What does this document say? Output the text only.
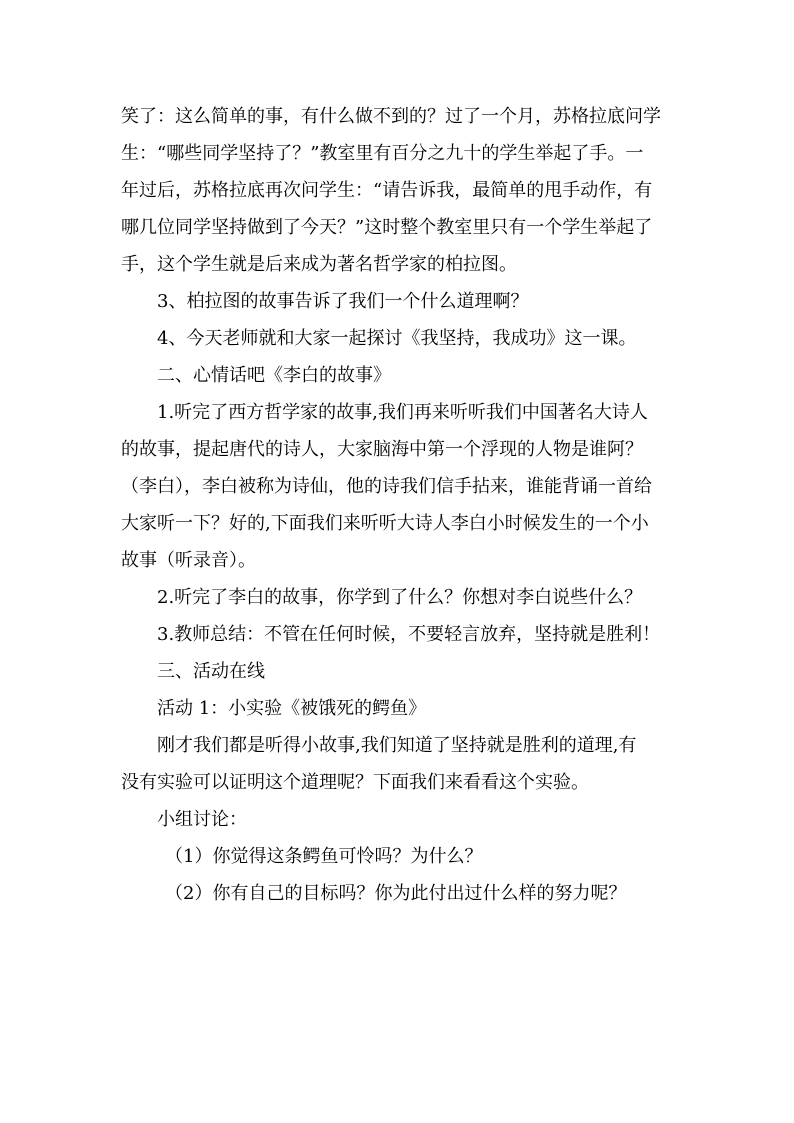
笑了：这么简单的事，有什么做不到的？过了一个月，苏格拉底问学
生：“哪些同学坚持了？”教室里有百分之九十的学生举起了手。一
年过后，苏格拉底再次问学生：“请告诉我，最简单的甩手动作，有
哪几位同学坚持做到了今天？”这时整个教室里只有一个学生举起了
手，这个学生就是后来成为著名哲学家的柏拉图。
3、柏拉图的故事告诉了我们一个什么道理啊？
4、今天老师就和大家一起探讨《我坚持，我成功》这一课。
二、心情话吧《李白的故事》
1.听完了西方哲学家的故事,我们再来听听我们中国著名大诗人
的故事，提起唐代的诗人，大家脑海中第一个浮现的人物是谁阿？
（李白），李白被称为诗仙，他的诗我们信手拈来，谁能背诵一首给
大家听一下？好的,下面我们来听听大诗人李白小时候发生的一个小
故事（听录音）。
2.听完了李白的故事，你学到了什么？你想对李白说些什么？
3.教师总结：不管在任何时候，不要轻言放弃，坚持就是胜利！
三、活动在线
活动 1：小实验《被饿死的鳄鱼》
刚才我们都是听得小故事,我们知道了坚持就是胜利的道理,有
没有实验可以证明这个道理呢？下面我们来看看这个实验。
小组讨论：
（1）你觉得这条鳄鱼可怜吗？为什么？
（2）你有自己的目标吗？你为此付出过什么样的努力呢？
